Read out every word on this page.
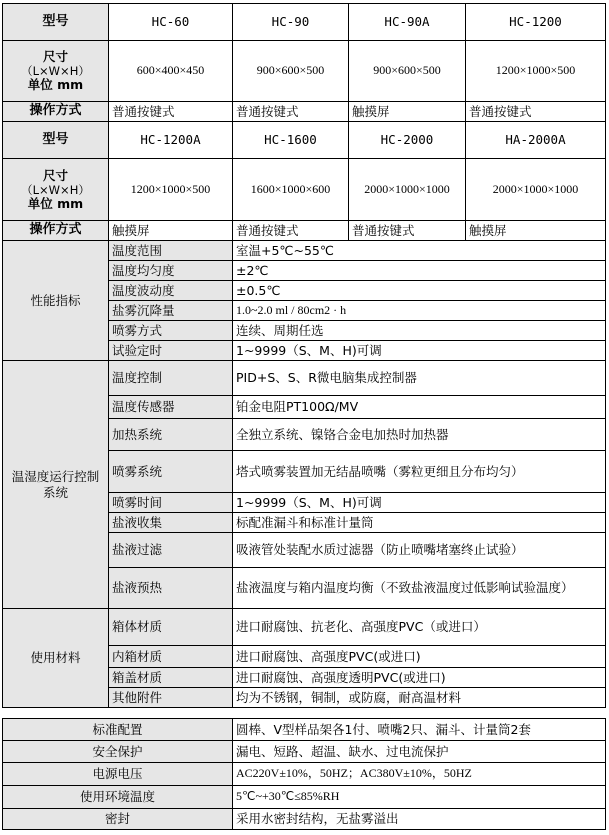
型号	HC-60	HC-90	HC-90A	HC-1200

尺寸
（L×W×H）
单位 mm	600×400×450	900×600×500	900×600×500	1200×1000×500
操作方式	普通按键式	普通按键式	触摸屏	普通按键式
型号	HC-1200A	HC-1600	HC-2000	HA-2000A

尺寸
（L×W×H）
单位 mm	1200×1000×500	1600×1000×600	2000×1000×1000	2000×1000×1000
操作方式	触摸屏	普通按键式	普通按键式	触摸屏
性能指标	温度范围	室温+5℃~55℃
	温度均匀度	±2℃
	温度波动度	±0.5℃
	盐雾沉降量	1.0~2.0 ml / 80cm2 · h
	喷雾方式	连续、周期任选
	试验定时	1~9999（S、M、H)可调
温湿度运行控制系统	温度控制	PID+S、S、R微电脑集成控制器
	温度传感器	铂金电阻PT100Ω/MV
	加热系统	全独立系统、镍铬合金电加热时加热器
	喷雾系统	塔式喷雾装置加无结晶喷嘴（雾粒更细且分布均匀）
	喷雾时间	1~9999（S、M、H)可调
	盐液收集	标配准漏斗和标准计量筒
	盐液过滤	吸液管处装配水质过滤器（防止喷嘴堵塞终止试验）
	盐液预热	盐液温度与箱内温度均衡（不致盐液温度过低影响试验温度）
使用材料	箱体材质	进口耐腐蚀、抗老化、高强度PVC（或进口）
	内箱材质	进口耐腐蚀、高强度PVC(或进口)
	箱盖材质	进口耐腐蚀、高强度透明PVC(或进口)
	其他附件	均为不锈钢，铜制，或防腐，耐高温材料
标准配置	圆棒、V型样品架各1付、喷嘴2只、漏斗、计量筒2套
安全保护	漏电、短路、超温、缺水、过电流保护
电源电压	AC220V±10%，50HZ；AC380V±10%，50HZ
使用环境温度	5℃~+30℃≤85%RH
密封	采用水密封结构，无盐雾溢出
